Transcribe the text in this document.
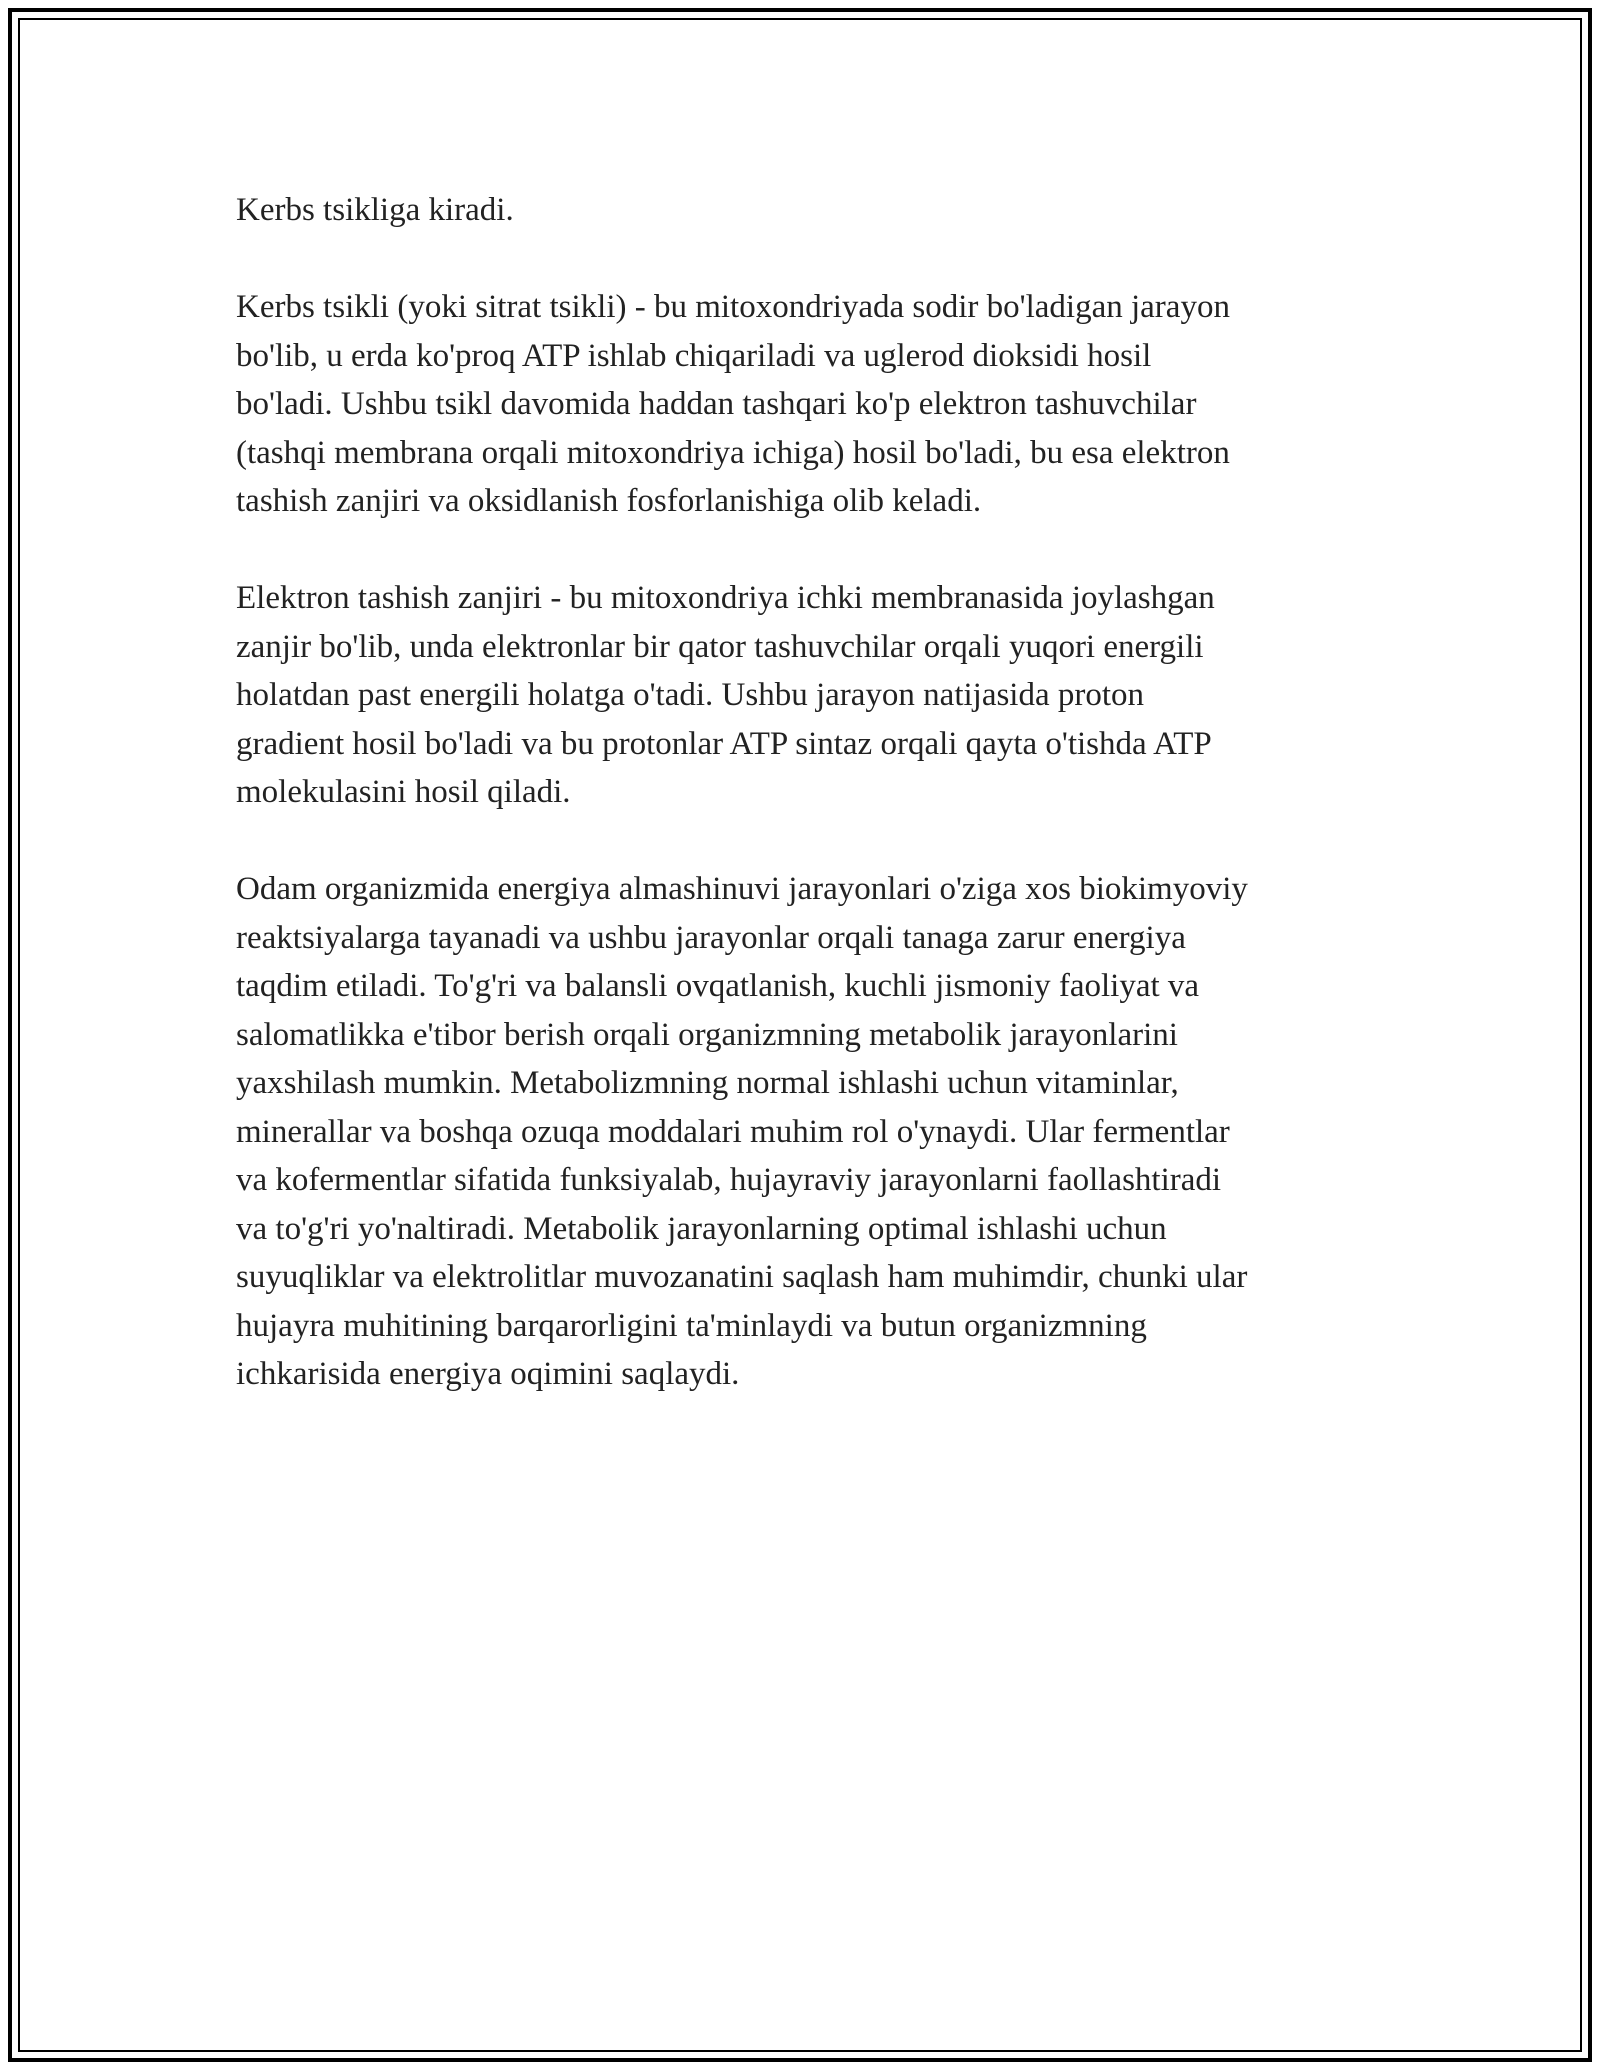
Kerbs tsikliga kiradi.

Kerbs tsikli (yoki sitrat tsikli) - bu mitoxondriyada sodir bo'ladigan jarayon
bo'lib, u erda ko'proq ATP ishlab chiqariladi va uglerod dioksidi hosil
bo'ladi. Ushbu tsikl davomida haddan tashqari ko'p elektron tashuvchilar
(tashqi membrana orqali mitoxondriya ichiga) hosil bo'ladi, bu esa elektron
tashish zanjiri va oksidlanish fosforlanishiga olib keladi.

Elektron tashish zanjiri - bu mitoxondriya ichki membranasida joylashgan
zanjir bo'lib, unda elektronlar bir qator tashuvchilar orqali yuqori energili
holatdan past energili holatga o'tadi. Ushbu jarayon natijasida proton
gradient hosil bo'ladi va bu protonlar ATP sintaz orqali qayta o'tishda ATP
molekulasini hosil qiladi.

Odam organizmida energiya almashinuvi jarayonlari o'ziga xos biokimyoviy
reaktsiyalarga tayanadi va ushbu jarayonlar orqali tanaga zarur energiya
taqdim etiladi. To'g'ri va balansli ovqatlanish, kuchli jismoniy faoliyat va
salomatlikka e'tibor berish orqali organizmning metabolik jarayonlarini
yaxshilash mumkin. Metabolizmning normal ishlashi uchun vitaminlar,
minerallar va boshqa ozuqa moddalari muhim rol o'ynaydi. Ular fermentlar
va kofermentlar sifatida funksiyalab, hujayraviy jarayonlarni faollashtiradi
va to'g'ri yo'naltiradi. Metabolik jarayonlarning optimal ishlashi uchun
suyuqliklar va elektrolitlar muvozanatini saqlash ham muhimdir, chunki ular
hujayra muhitining barqarorligini ta'minlaydi va butun organizmning
ichkarisida energiya oqimini saqlaydi.
